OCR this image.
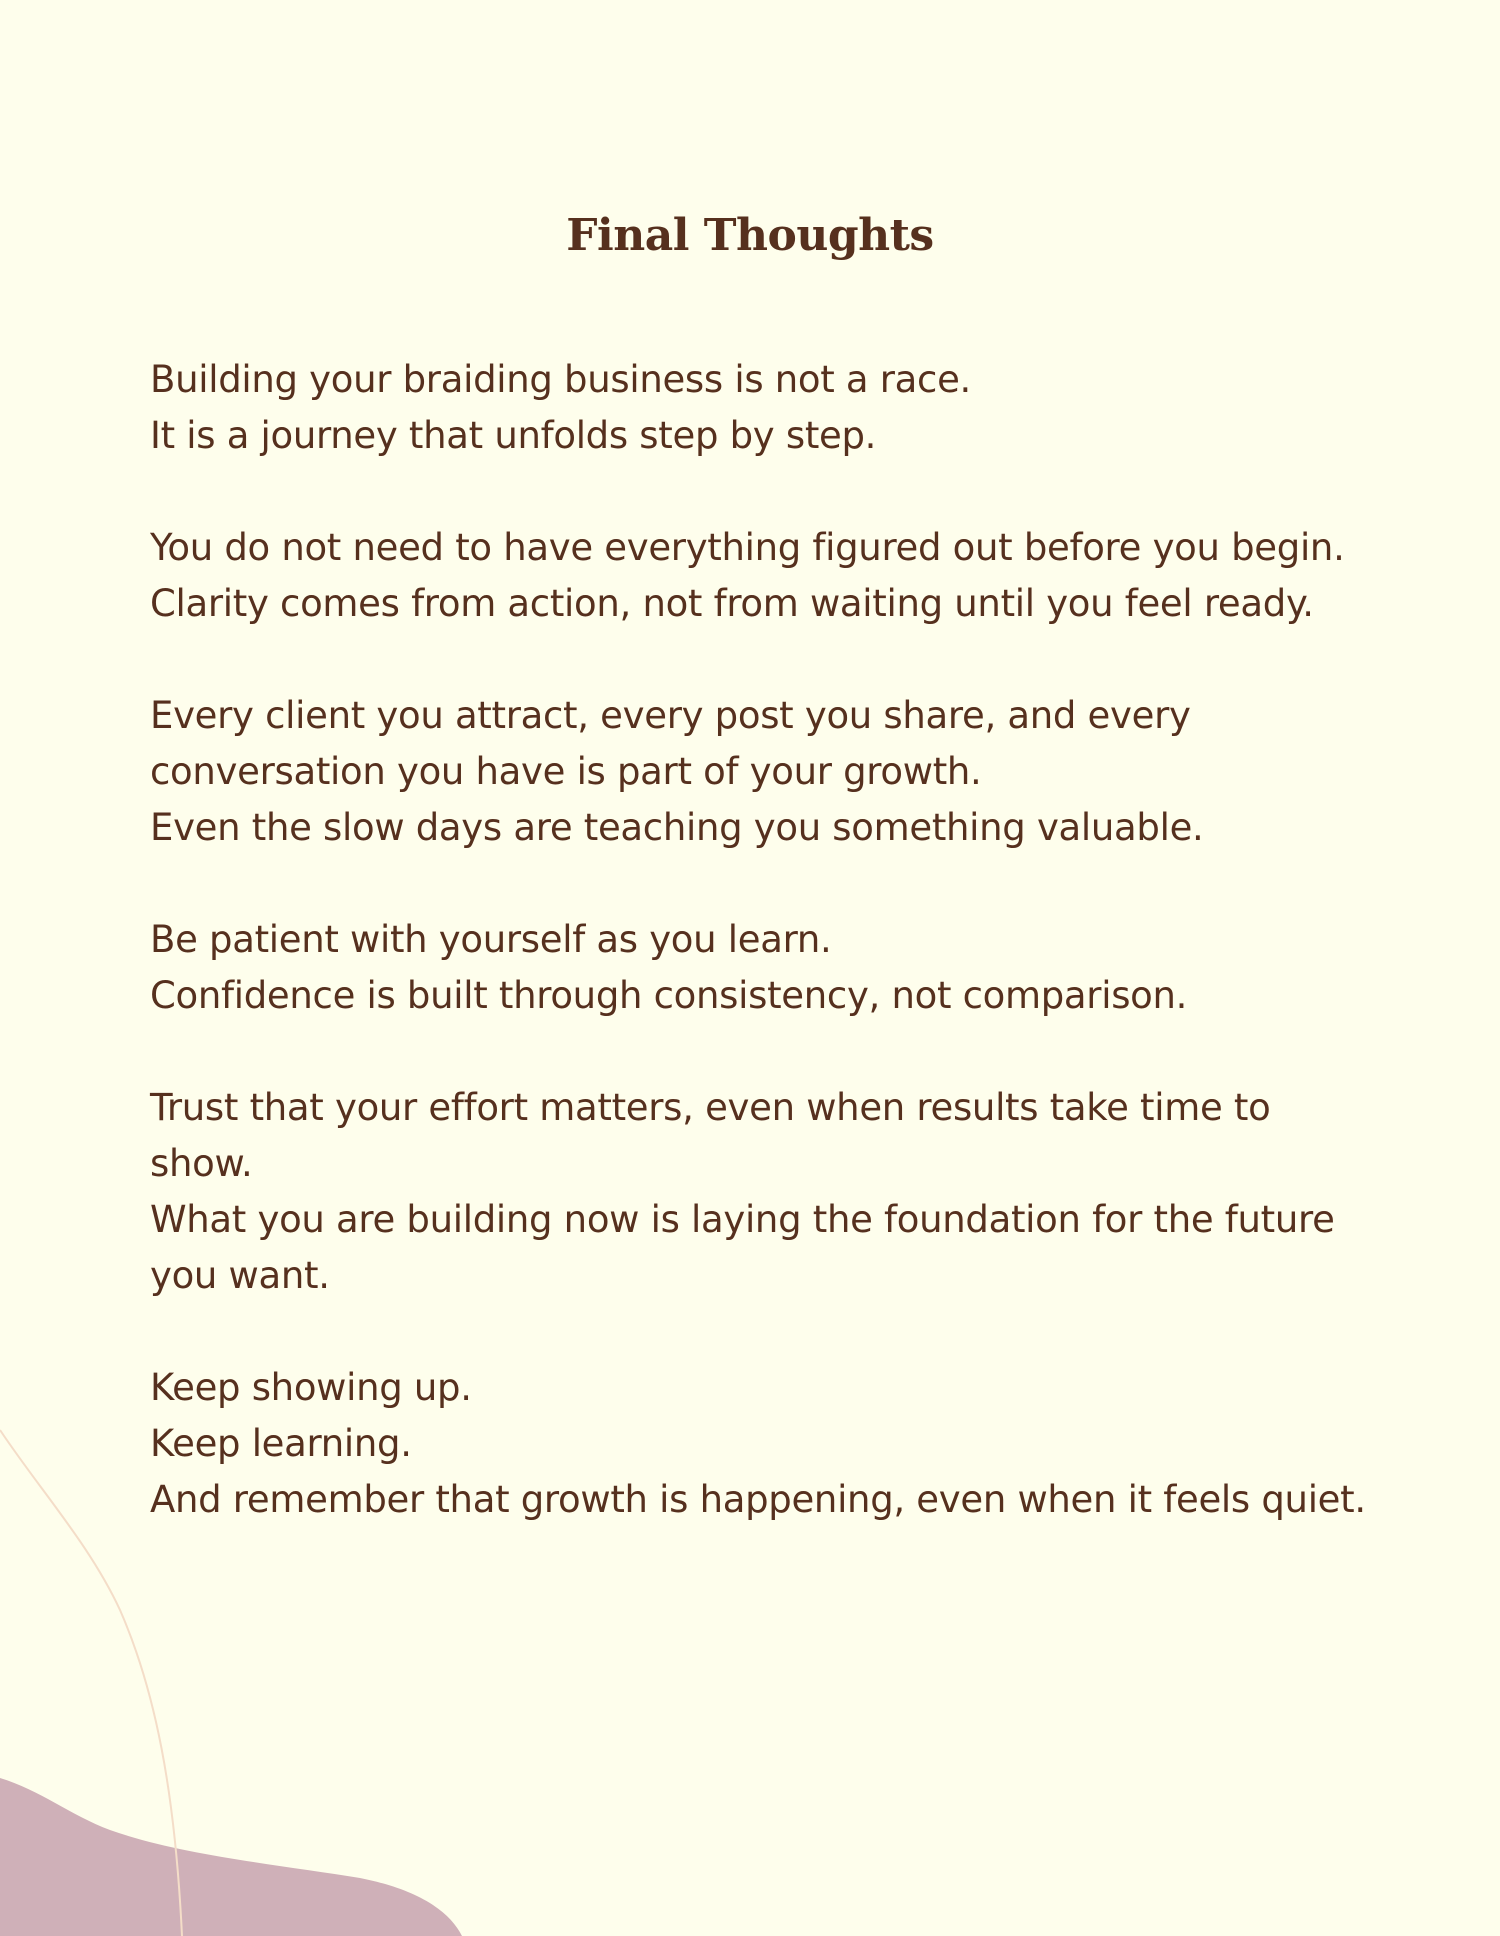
Final Thoughts

Building your braiding business is not a race.
It is a journey that unfolds step by step.

You do not need to have everything figured out before you begin.
Clarity comes from action, not from waiting until you feel ready.

Every client you attract, every post you share, and every conversation you have is part of your growth.
Even the slow days are teaching you something valuable.

Be patient with yourself as you learn.
Confidence is built through consistency, not comparison.

Trust that your effort matters, even when results take time to show.
What you are building now is laying the foundation for the future you want.

Keep showing up.
Keep learning.
And remember that growth is happening, even when it feels quiet.
